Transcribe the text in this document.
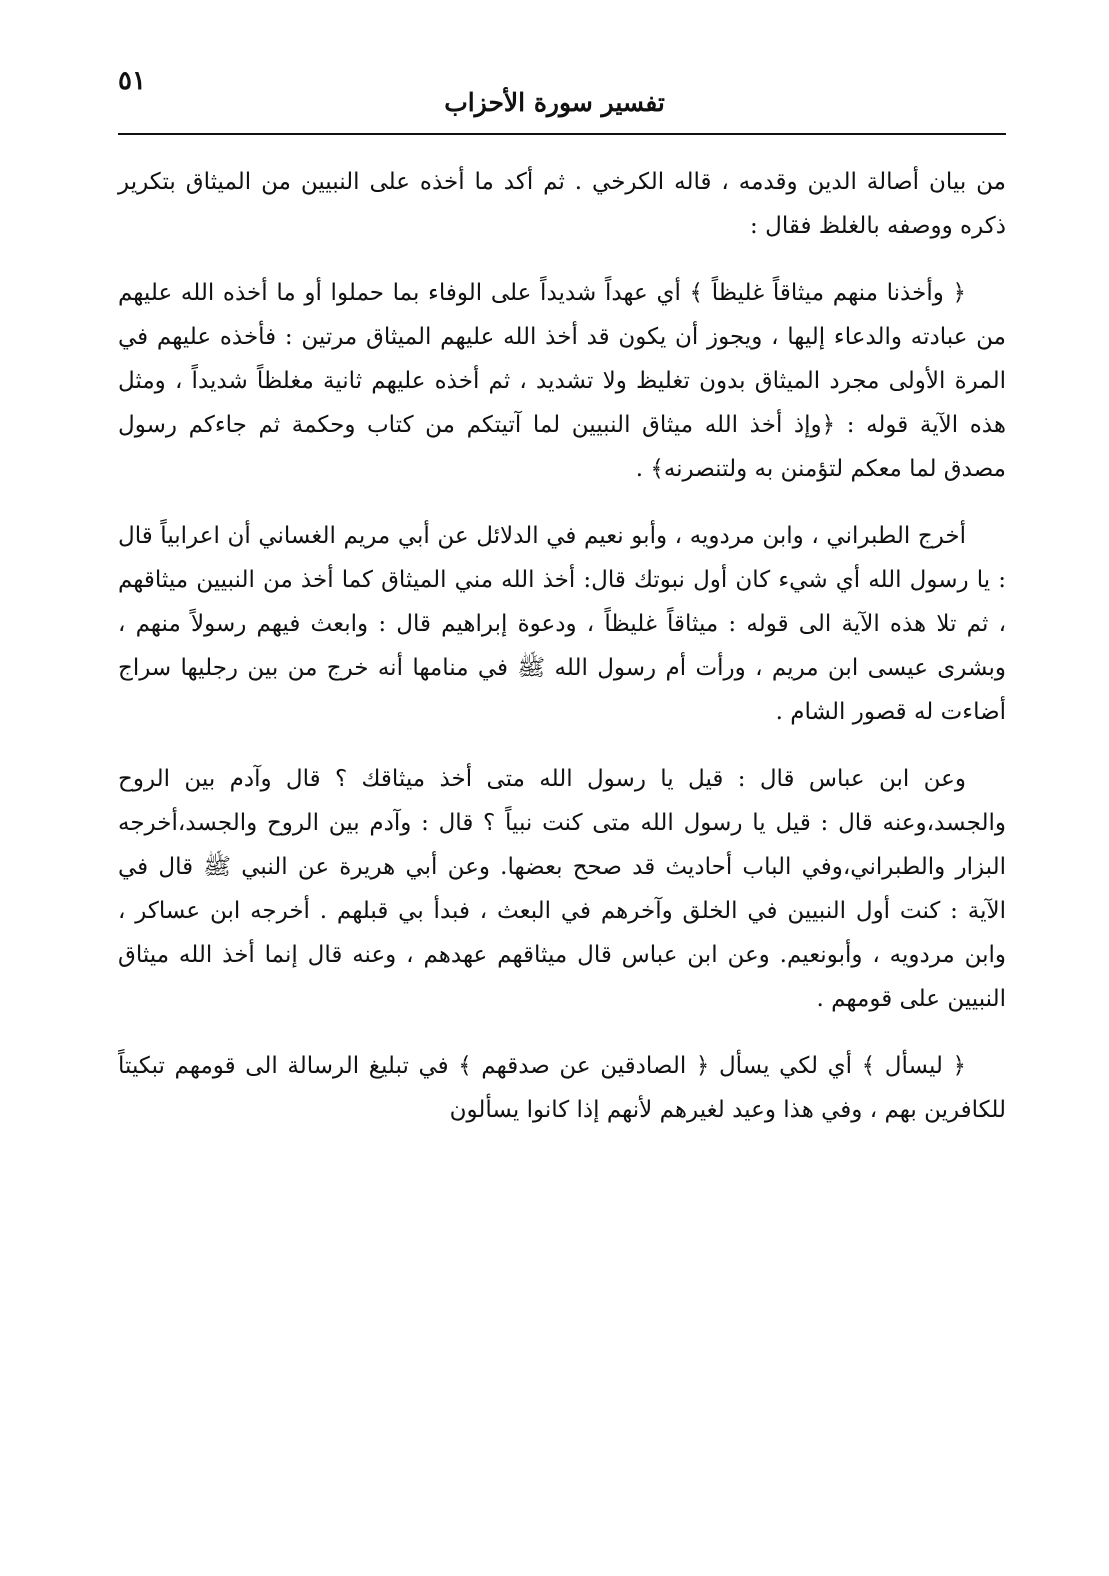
٥١
تفسير سورة الأحزاب

من بيان أصالة الدين وقدمه ، قاله الكرخي . ثم أكد ما أخذه على النبيين من الميثاق بتكرير ذكره ووصفه بالغلظ فقال :

﴿ وأخذنا منهم ميثاقاً غليظاً ﴾ أي عهداً شديداً على الوفاء بما حملوا أو ما أخذه الله عليهم من عبادته والدعاء إليها ، ويجوز أن يكون قد أخذ الله عليهم الميثاق مرتين : فأخذه عليهم في المرة الأولى مجرد الميثاق بدون تغليظ ولا تشديد ، ثم أخذه عليهم ثانية مغلظاً شديداً ، ومثل هذه الآية قوله : ﴿وإذ أخذ الله ميثاق النبيين لما آتيتكم من كتاب وحكمة ثم جاءكم رسول مصدق لما معكم لتؤمنن به ولتنصرنه﴾ .

أخرج الطبراني ، وابن مردويه ، وأبو نعيم في الدلائل عن أبي مريم الغساني أن اعرابياً قال : يا رسول الله أي شيء كان أول نبوتك قال: أخذ الله مني الميثاق كما أخذ من النبيين ميثاقهم ، ثم تلا هذه الآية الى قوله : ميثاقاً غليظاً ، ودعوة إبراهيم قال : وابعث فيهم رسولاً منهم ، وبشرى عيسى ابن مريم ، ورأت أم رسول الله ﷺ في منامها أنه خرج من بين رجليها سراج أضاءت له قصور الشام .

وعن ابن عباس قال : قيل يا رسول الله متى أخذ ميثاقك ؟ قال وآدم بين الروح والجسد،وعنه قال : قيل يا رسول الله متى كنت نبياً ؟ قال : وآدم بين الروح والجسد،أخرجه البزار والطبراني،وفي الباب أحاديث قد صحح بعضها. وعن أبي هريرة عن النبي ﷺ قال في الآية : كنت أول النبيين في الخلق وآخرهم في البعث ، فبدأ بي قبلهم . أخرجه ابن عساكر ، وابن مردويه ، وأبونعيم. وعن ابن عباس قال ميثاقهم عهدهم ، وعنه قال إنما أخذ الله ميثاق النبيين على قومهم .

﴿ ليسأل ﴾ أي لكي يسأل ﴿ الصادقين عن صدقهم ﴾ في تبليغ الرسالة الى قومهم تبكيتاً للكافرين بهم ، وفي هذا وعيد لغيرهم لأنهم إذا كانوا يسألون
